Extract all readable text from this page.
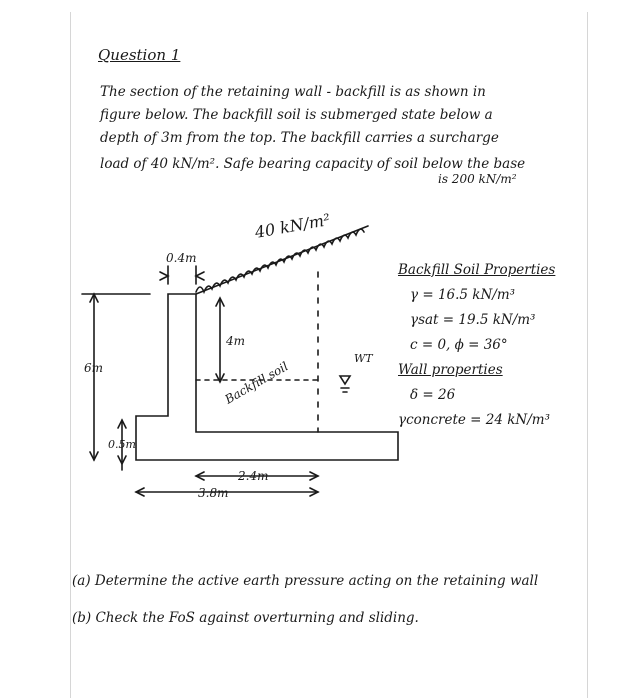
Question 1
The section of the retaining wall - backfill is as shown in
figure below. The backfill soil is submerged state below a
depth of 3m from the top. The backfill carries a surcharge
load of 40 kN/m². Safe bearing capacity of soil below the base
is 200 kN/m²
40 kN/m²
0.4m
4m
6m
0.5m
2.4m
3.8m
WT
Backfill soil
Backfill Soil Properties
γ = 16.5 kN/m³
γsat = 19.5 kN/m³
c = 0, ϕ = 36°
Wall properties
δ = 26
γconcrete = 24 kN/m³
(a) Determine the active earth pressure acting on the retaining wall
(b) Check the FoS against overturning and sliding.
